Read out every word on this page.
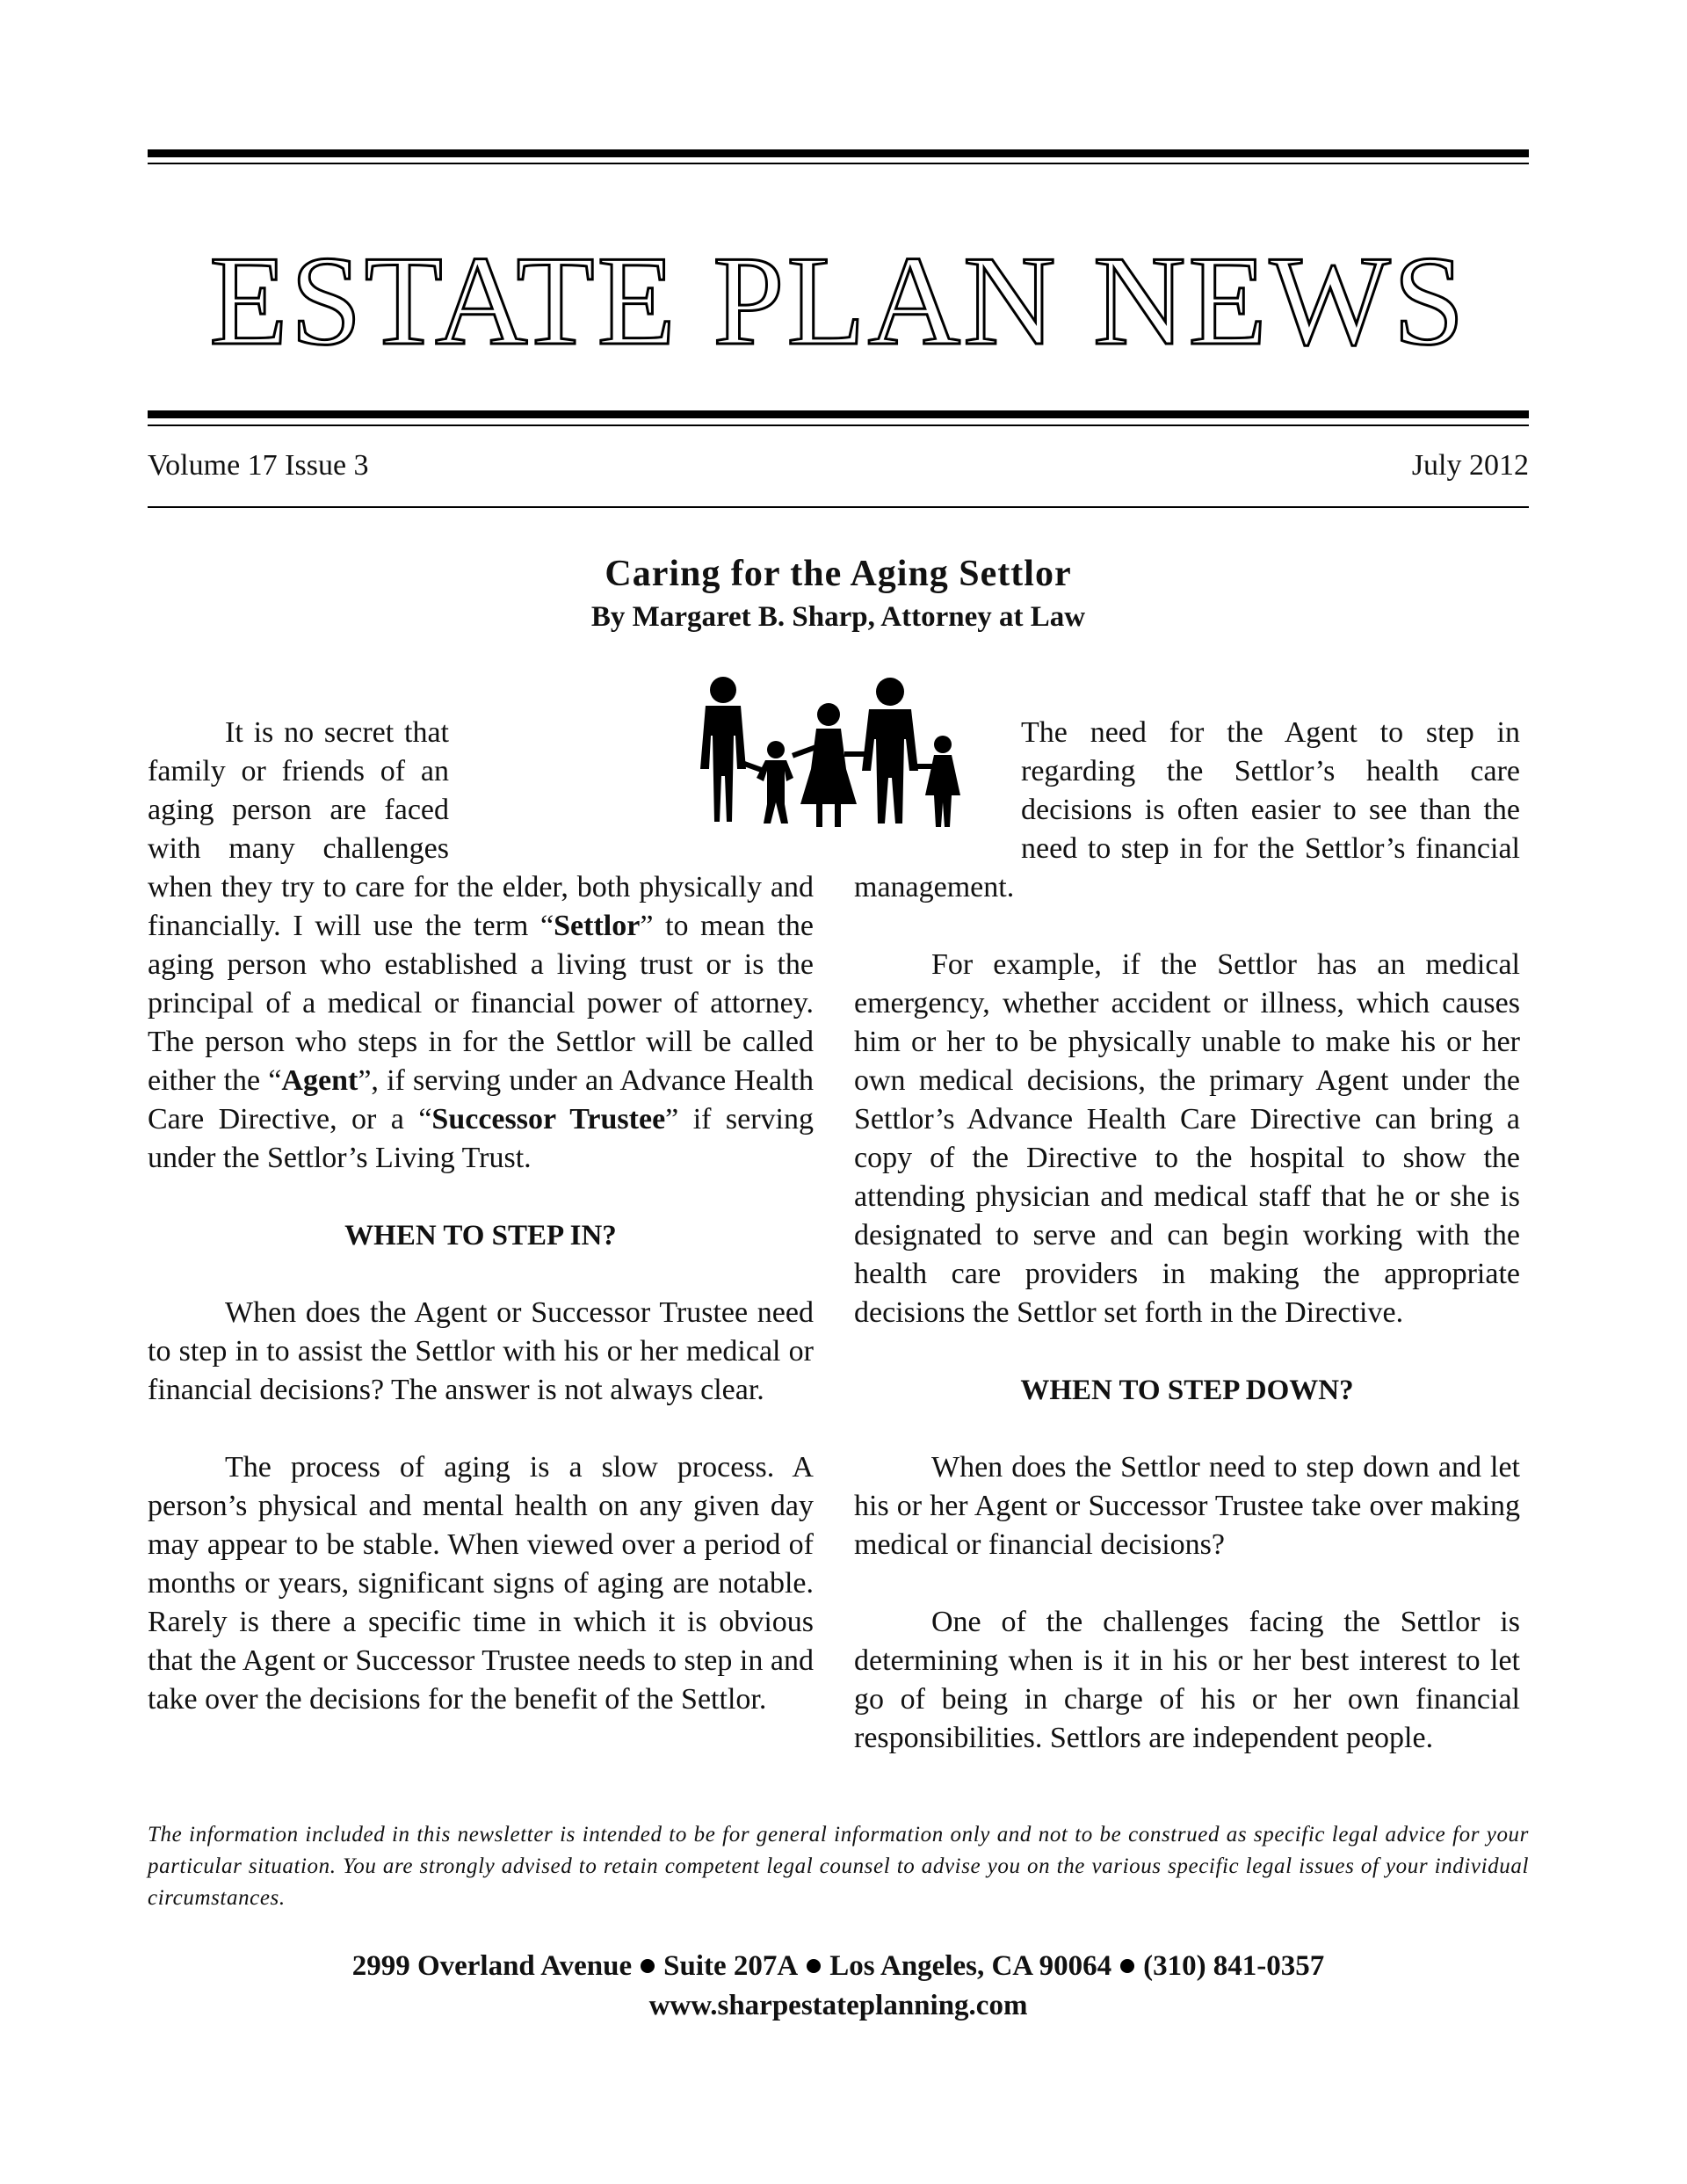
ESTATE PLAN NEWS
Volume 17 Issue 3	July 2012
Caring for the Aging Settlor
By Margaret B. Sharp, Attorney at Law

It is no secret that family or friends of an aging person are faced with many challenges when they try to care for the elder, both physically and financially. I will use the term “Settlor” to mean the aging person who established a living trust or is the principal of a medical or financial power of attorney. The person who steps in for the Settlor will be called either the “Agent”, if serving under an Advance Health Care Directive, or a “Successor Trustee” if serving under the Settlor’s Living Trust.

WHEN TO STEP IN?

When does the Agent or Successor Trustee need to step in to assist the Settlor with his or her medical or financial decisions? The answer is not always clear.

The process of aging is a slow process. A person’s physical and mental health on any given day may appear to be stable. When viewed over a period of months or years, significant signs of aging are notable. Rarely is there a specific time in which it is obvious that the Agent or Successor Trustee needs to step in and take over the decisions for the benefit of the Settlor.

The need for the Agent to step in regarding the Settlor’s health care decisions is often easier to see than the need to step in for the Settlor’s financial management.

For example, if the Settlor has an medical emergency, whether accident or illness, which causes him or her to be physically unable to make his or her own medical decisions, the primary Agent under the Settlor’s Advance Health Care Directive can bring a copy of the Directive to the hospital to show the attending physician and medical staff that he or she is designated to serve and can begin working with the health care providers in making the appropriate decisions the Settlor set forth in the Directive.

WHEN TO STEP DOWN?

When does the Settlor need to step down and let his or her Agent or Successor Trustee take over making medical or financial decisions?

One of the challenges facing the Settlor is determining when is it in his or her best interest to let go of being in charge of his or her own financial responsibilities. Settlors are independent people.

The information included in this newsletter is intended to be for general information only and not to be construed as specific legal advice for your particular situation. You are strongly advised to retain competent legal counsel to advise you on the various specific legal issues of your individual circumstances.
2999 Overland Avenue Suite 207A Los Angeles, CA 90064 (310) 841-0357
www.sharpestateplanning.com
